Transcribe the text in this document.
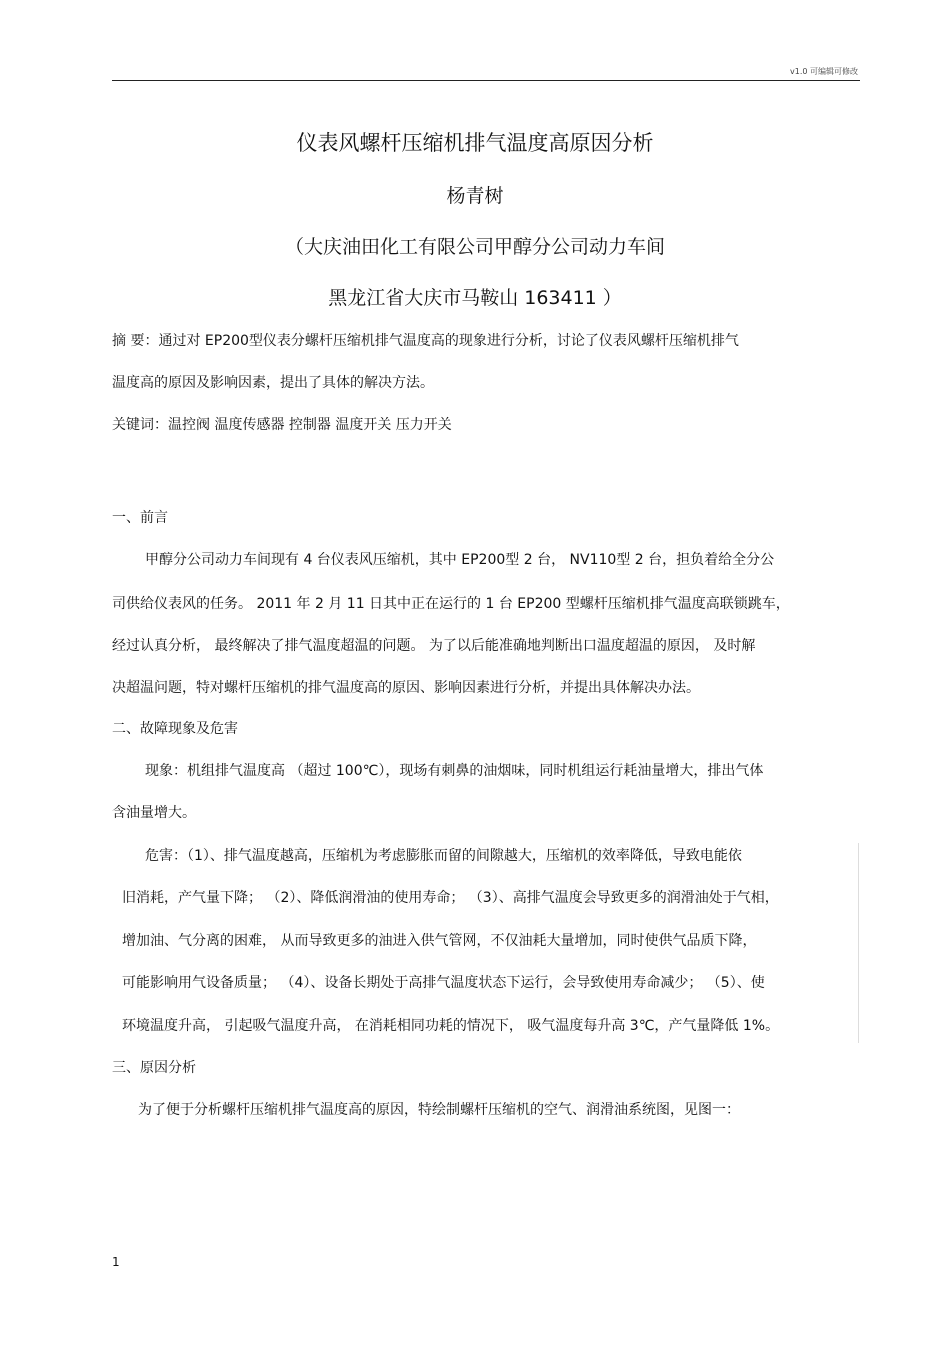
v1.0 可编辑可修改
仪表风螺杆压缩机排气温度高原因分析
杨青树
（大庆油田化工有限公司甲醇分公司动力车间
黑龙江省大庆市马鞍山 163411 ）
摘 要：通过对 EP200型仪表分螺杆压缩机排气温度高的现象进行分析，讨论了仪表风螺杆压缩机排气
温度高的原因及影响因素，提出了具体的解决方法。
关键词：温控阀 温度传感器 控制器 温度开关 压力开关
一、前言
甲醇分公司动力车间现有 4 台仪表风压缩机，其中 EP200型 2 台， NV110型 2 台，担负着给全分公
司供给仪表风的任务。 2011 年 2 月 11 日其中正在运行的 1 台 EP200 型螺杆压缩机排气温度高联锁跳车，
经过认真分析， 最终解决了排气温度超温的问题。 为了以后能准确地判断出口温度超温的原因， 及时解
决超温问题，特对螺杆压缩机的排气温度高的原因、影响因素进行分析，并提出具体解决办法。
二、故障现象及危害
现象：机组排气温度高 （超过 100℃），现场有刺鼻的油烟味，同时机组运行耗油量增大，排出气体
含油量增大。
危害：（1）、排气温度越高，压缩机为考虑膨胀而留的间隙越大，压缩机的效率降低，导致电能依
旧消耗，产气量下降； （2）、降低润滑油的使用寿命； （3）、高排气温度会导致更多的润滑油处于气相，
增加油、气分离的困难， 从而导致更多的油进入供气管网，不仅油耗大量增加，同时使供气品质下降，
可能影响用气设备质量； （4）、设备长期处于高排气温度状态下运行，会导致使用寿命减少； （5）、使
环境温度升高， 引起吸气温度升高， 在消耗相同功耗的情况下， 吸气温度每升高 3℃，产气量降低 1%。
三、原因分析
为了便于分析螺杆压缩机排气温度高的原因，特绘制螺杆压缩机的空气、润滑油系统图，见图一：
1
